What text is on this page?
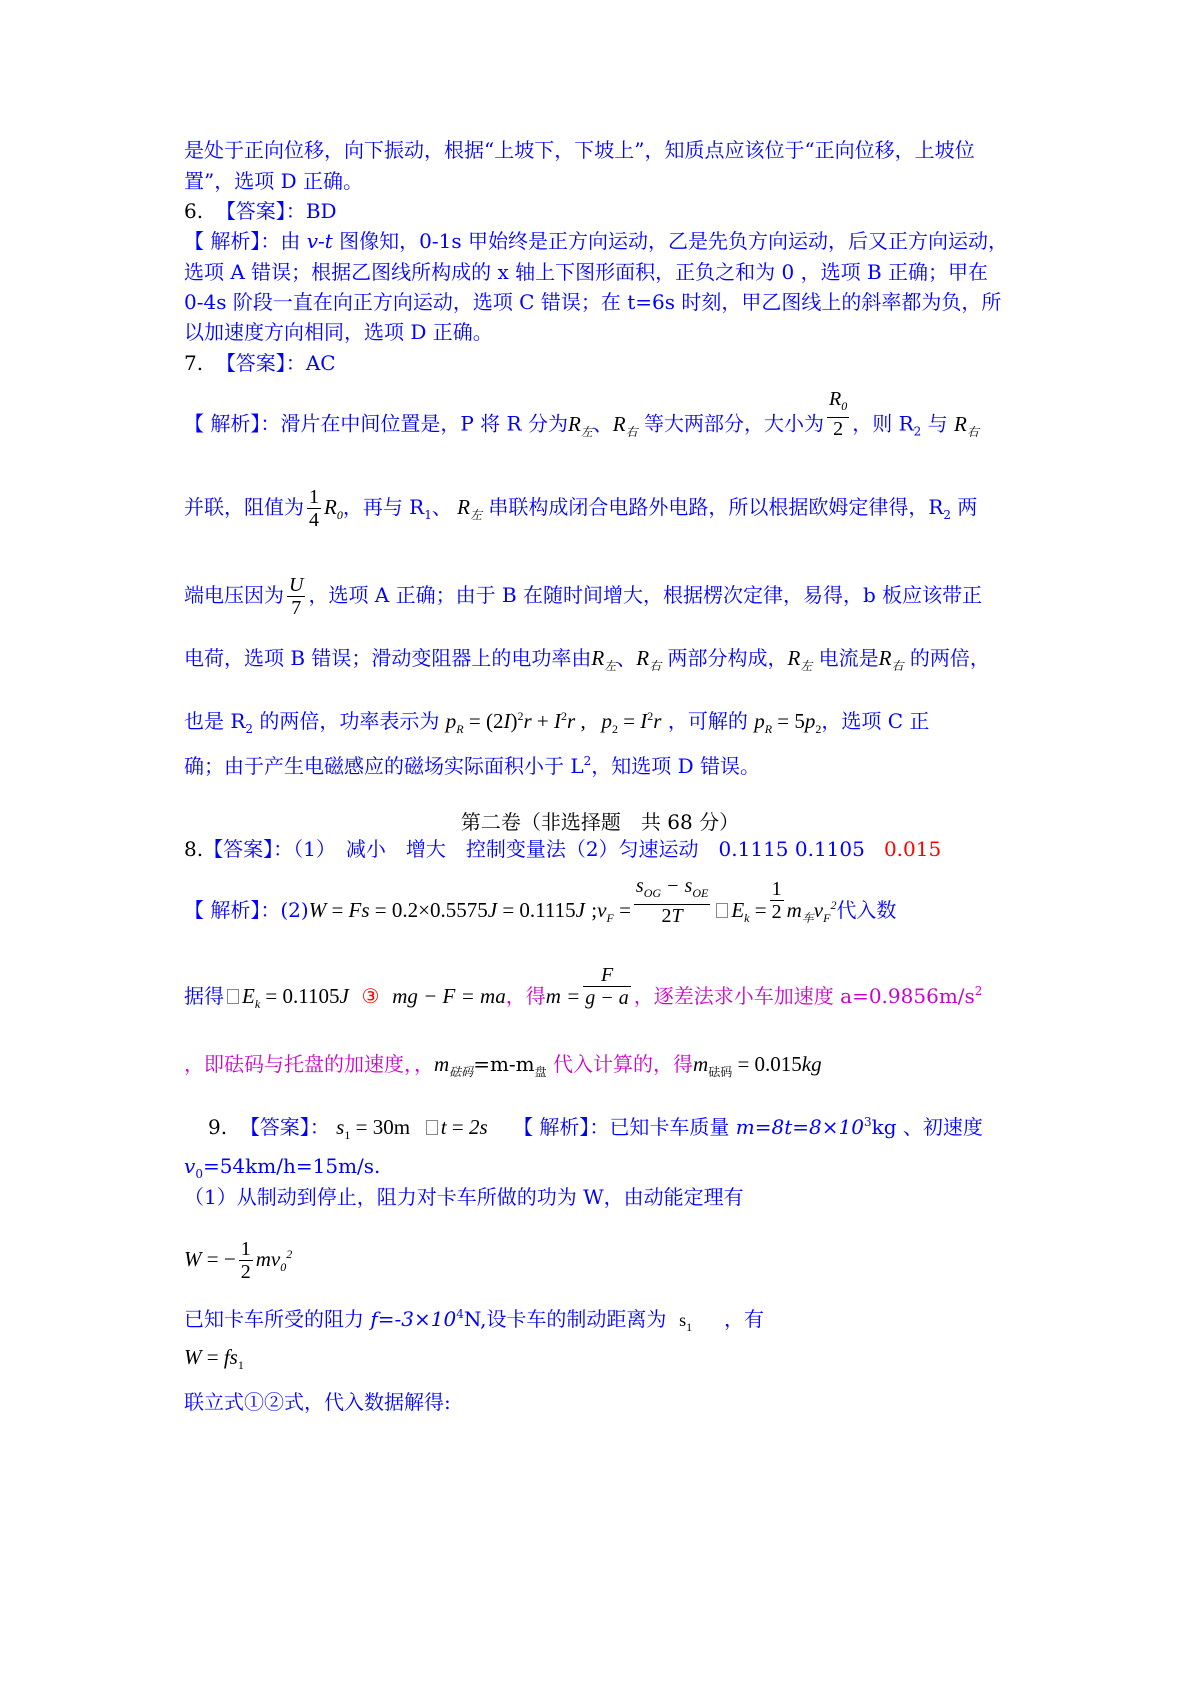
是处于正向位移，向下振动，根据“上坡下，下坡上”，知质点应该位于“正向位移，上坡位
置”，选项 D 正确。
6. 【答案】：BD
【 解析】：由 v-t 图像知，0-1s 甲始终是正方向运动，乙是先负方向运动，后又正方向运动，
选项 A 错误；根据乙图线所构成的 x 轴上下图形面积，正负之和为 0 ，选项 B 正确；甲在
0-4s 阶段一直在向正方向运动，选项 C 错误；在 t=6s 时刻，甲乙图线上的斜率都为负，所
以加速度方向相同，选项 D 正确。
7. 【答案】：AC
【 解析】：滑片在中间位置是，P 将 R 分为$R_左$、$R_右$ 等大两部分，大小为 $\frac{R_0}{2}$ ，则 $R_2$ 与 $R_右$
并联，阻值为 $\frac{1}{4} R_0$，再与 $R_1$、 $R_左$ 串联构成闭合电路外电路，所以根据欧姆定律得，$R_2$ 两
端电压因为 $\frac{U}{7}$ ，选项 A 正确；由于 B 在随时间增大，根据楞次定律，易得，b 板应该带正
电荷，选项 B 错误；滑动变阻器上的电功率由$R_左$、$R_右$ 两部分构成，$R_左$ 电流是$R_右$ 的两倍，
也是 $R_2$ 的两倍，功率表示为 $p_R = (2I)^2r + I^2r$ ,   $p_2 = I^2r$ ，可解的 $p_R = 5p_2$，选项 C 正
确；由于产生电磁感应的磁场实际面积小于 $L^2$，知选项 D 错误。
第二卷（非选择题　共 68 分）
8.【答案】：（1）　减小　增大　控制变量法（2）匀速运动　0.1115 0.1105 0.015
【 解析】：(2)W = Fs = 0.2×0.5575J = 0.1115J $;v_F = \frac{s_{OG} - s_{OE}}{2T} E_k = \frac{1}{2} m_车v_F^2$代入数
据得 $E_k = 0.1105J$ ③ mg − F = ma，得$m = \frac{F}{g - a}$ ，逐差法求小车加速度 $a=0.9856m/s^2$
，即砝码与托盘的加速度，，$m_{砝码}=m-m_盘$ 代入计算的，得$m_{砝码} = 0.015kg$
9. 【答案】： $s_1 = 30m$ t = 2s 【 解析】：已知卡车质量 $m=8t=8\times 10^3kg$ 、初速度
$v_0=54km/h=15m/s$.
（1）从制动到停止，阻力对卡车所做的功为 W，由动能定理有
W = − $\frac{1}{2} mv_0^2$
已知卡车所受的阻力 $f=-3\times 10^4N$,设卡车的制动距离为  $s_1$ ，有
$W = fs_1$
联立式①②式，代入数据解得:
